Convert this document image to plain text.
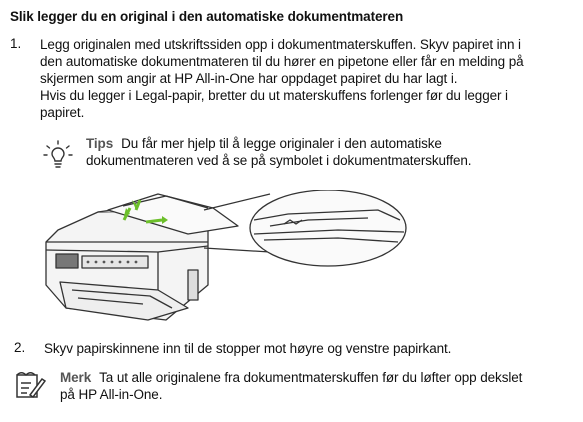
Slik legger du en original i den automatiske dokumentmateren
1. Legg originalen med utskriftssiden opp i dokumentmaterskuffen. Skyv papiret inn i

den automatiske dokumentmateren til du hører en pipetone eller får en melding på

skjermen som angir at HP All-in-One har oppdaget papiret du har lagt i.

Hvis du legger i Legal-papir, bretter du ut materskuffens forlenger før du legger i

papiret.

Tips Du får mer hjelp til å legge originaler i den automatiske
dokumentmateren ved å se på symbolet i dokumentmaterskuffen.
2. Skyv papirskinnene inn til de stopper mot høyre og venstre papirkant.

Merk Ta ut alle originalene fra dokumentmaterskuffen før du løfter opp dekslet
på HP All-in-One.
